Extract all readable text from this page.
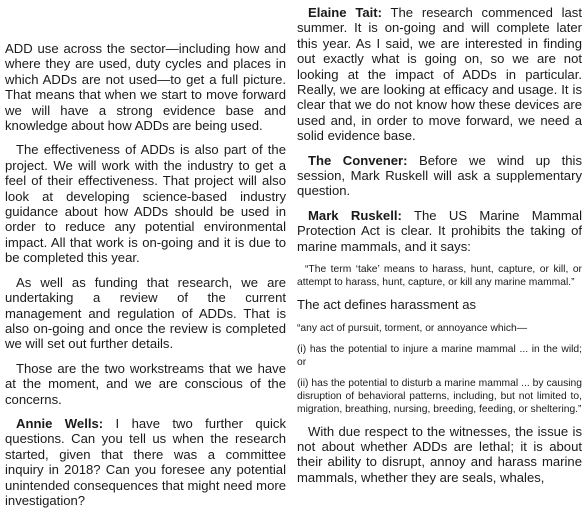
ADD use across the sector—including how and where they are used, duty cycles and places in which ADDs are not used—to get a full picture. That means that when we start to move forward we will have a strong evidence base and knowledge about how ADDs are being used.

The effectiveness of ADDs is also part of the project. We will work with the industry to get a feel of their effectiveness. That project will also look at developing science-based industry guidance about how ADDs should be used in order to reduce any potential environmental impact. All that work is on-going and it is due to be completed this year.

As well as funding that research, we are undertaking a review of the current management and regulation of ADDs. That is also on-going and once the review is completed we will set out further details.

Those are the two workstreams that we have at the moment, and we are conscious of the concerns.

Annie Wells: I have two further quick questions. Can you tell us when the research started, given that there was a committee inquiry in 2018? Can you foresee any potential unintended consequences that might need more investigation?

Elaine Tait: The research commenced last summer. It is on-going and will complete later this year. As I said, we are interested in finding out exactly what is going on, so we are not looking at the impact of ADDs in particular. Really, we are looking at efficacy and usage. It is clear that we do not know how these devices are used and, in order to move forward, we need a solid evidence base.

The Convener: Before we wind up this session, Mark Ruskell will ask a supplementary question.

Mark Ruskell: The US Marine Mammal Protection Act is clear. It prohibits the taking of marine mammals, and it says:

“The term ‘take’ means to harass, hunt, capture, or kill, or attempt to harass, hunt, capture, or kill any marine mammal.”

The act defines harassment as

“any act of pursuit, torment, or annoyance which—

(i) has the potential to injure a marine mammal ... in the wild; or

(ii) has the potential to disturb a marine mammal ... by causing disruption of behavioral patterns, including, but not limited to, migration, breathing, nursing, breeding, feeding, or sheltering.”

With due respect to the witnesses, the issue is not about whether ADDs are lethal; it is about their ability to disrupt, annoy and harass marine mammals, whether they are seals, whales,
